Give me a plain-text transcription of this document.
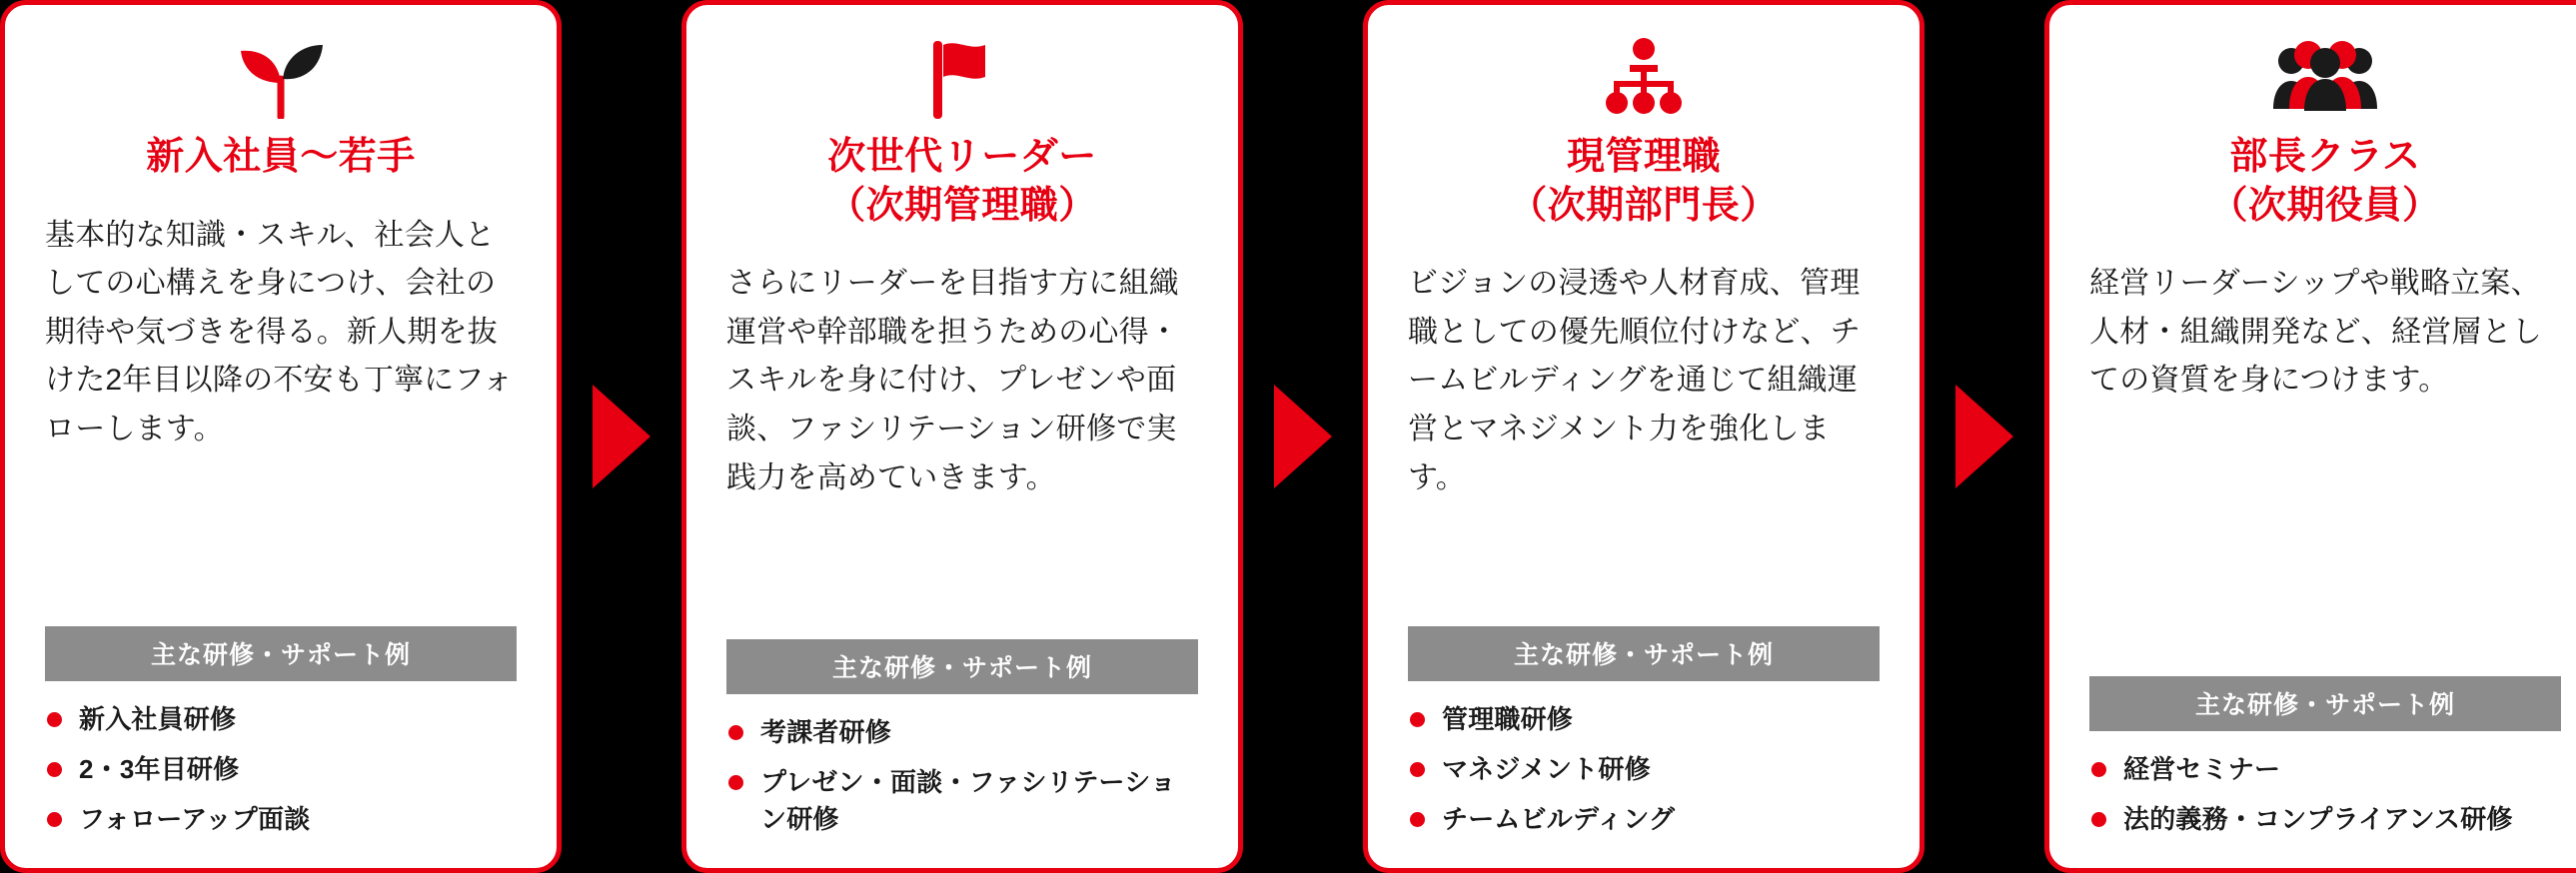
新入社員〜若手
基本的な知識・スキル、社会人としての心構えを身につけ、会社の期待や気づきを得る。新人期を抜けた2年目以降の不安も丁寧にフォローします。
主な研修・サポート例
新入社員研修
2・3年目研修
フォローアップ面談
次世代リーダー
（次期管理職）
さらにリーダーを目指す方に組織運営や幹部職を担うための心得・スキルを身に付け、プレゼンや面談、ファシリテーション研修で実践力を高めていきます。
主な研修・サポート例
考課者研修
プレゼン・面談・ファシリテーション研修
現管理職
（次期部門長）
ビジョンの浸透や人材育成、管理職としての優先順位付けなど、チームビルディングを通じて組織運営とマネジメント力を強化します。
主な研修・サポート例
管理職研修
マネジメント研修
チームビルディング
部長クラス
（次期役員）
経営リーダーシップや戦略立案、人材・組織開発など、経営層としての資質を身につけます。
主な研修・サポート例
経営セミナー
法的義務・コンプライアンス研修
